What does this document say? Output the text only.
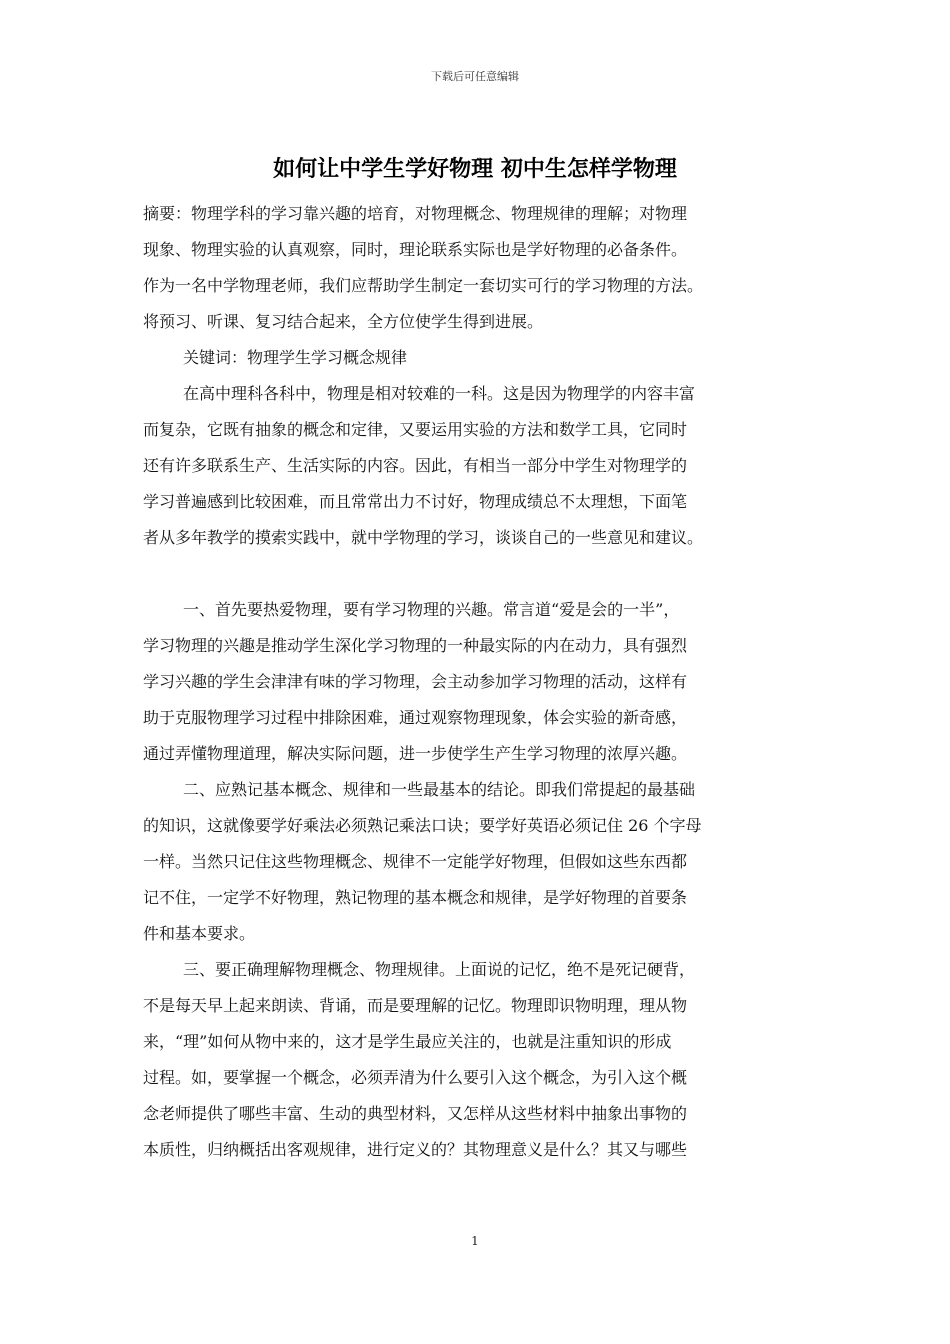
下载后可任意编辑
如何让中学生学好物理 初中生怎样学物理
摘要：物理学科的学习靠兴趣的培育，对物理概念、物理规律的理解；对物理
现象、物理实验的认真观察，同时，理论联系实际也是学好物理的必备条件。
作为一名中学物理老师，我们应帮助学生制定一套切实可行的学习物理的方法。
将预习、听课、复习结合起来，全方位使学生得到进展。
关键词：物理学生学习概念规律
在高中理科各科中，物理是相对较难的一科。这是因为物理学的内容丰富
而复杂，它既有抽象的概念和定律，又要运用实验的方法和数学工具，它同时
还有许多联系生产、生活实际的内容。因此，有相当一部分中学生对物理学的
学习普遍感到比较困难，而且常常出力不讨好，物理成绩总不太理想，下面笔
者从多年教学的摸索实践中，就中学物理的学习，谈谈自己的一些意见和建议。
一、首先要热爱物理，要有学习物理的兴趣。常言道“爱是会的一半”，
学习物理的兴趣是推动学生深化学习物理的一种最实际的内在动力，具有强烈
学习兴趣的学生会津津有味的学习物理，会主动参加学习物理的活动，这样有
助于克服物理学习过程中排除困难，通过观察物理现象，体会实验的新奇感，
通过弄懂物理道理，解决实际问题，进一步使学生产生学习物理的浓厚兴趣。
二、应熟记基本概念、规律和一些最基本的结论。即我们常提起的最基础
的知识，这就像要学好乘法必须熟记乘法口诀；要学好英语必须记住 26 个字母
一样。当然只记住这些物理概念、规律不一定能学好物理，但假如这些东西都
记不住，一定学不好物理，熟记物理的基本概念和规律，是学好物理的首要条
件和基本要求。
三、要正确理解物理概念、物理规律。上面说的记忆，绝不是死记硬背，
不是每天早上起来朗读、背诵，而是要理解的记忆。物理即识物明理，理从物
来，“理”如何从物中来的，这才是学生最应关注的，也就是注重知识的形成
过程。如，要掌握一个概念，必须弄清为什么要引入这个概念，为引入这个概
念老师提供了哪些丰富、生动的典型材料，又怎样从这些材料中抽象出事物的
本质性，归纳概括出客观规律，进行定义的？其物理意义是什么？其又与哪些
1
